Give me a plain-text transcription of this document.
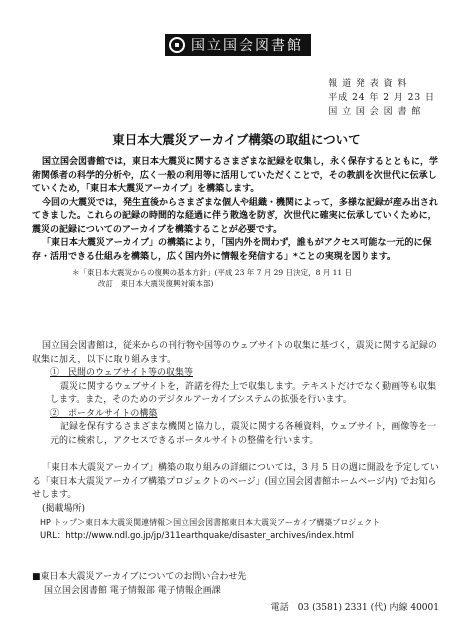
国立国会図書館
報 道 発 表 資 料
平成 24 年 2 月 23 日
国 立 国 会 図 書 館
東日本大震災アーカイブ構築の取組について

国立国会図書館では，東日本大震災に関するさまざまな記録を収集し，永く保存するとともに，学術関係者の科学的分析や，広く一般の利用等に活用していただくことで，その教訓を次世代に伝承していくため，「東日本大震災アーカイブ」を構築します。

今回の大震災では，発生直後からさまざまな個人や組織・機関によって，多様な記録が産み出されてきました。これらの記録の時間的な経過に伴う散逸を防ぎ，次世代に確実に伝承していくために，震災の記録についてのアーカイブを構築することが必要です。

「東日本大震災アーカイブ」の構築により，「国内外を問わず，誰もがアクセス可能な一元的に保存・活用できる仕組みを構築し，広く国内外に情報を発信する」*ことの実現を図ります。

＊「東日本大震災からの復興の基本方針」(平成 23 年 7 月 29 日決定，8 月 11 日
改訂　東日本大震災復興対策本部)

国立国会図書館は，従来からの刊行物や国等のウェブサイトの収集に基づく，震災に関する記録の収集に加え，以下に取り組みます。

①　民間のウェブサイト等の収集等

震災に関するウェブサイトを，許諾を得た上で収集します。テキストだけでなく動画等も収集します。また，そのためのデジタルアーカイブシステムの拡張を行います。

②　ポータルサイトの構築

記録を保有するさまざまな機関と協力し，震災に関する各種資料，ウェブサイト，画像等を一元的に検索し，アクセスできるポータルサイトの整備を行います。

「東日本大震災アーカイブ」構築の取り組みの詳細については，3 月 5 日の週に開設を予定している「東日本大震災アーカイブ構築プロジェクトのページ」(国立国会図書館ホームページ内) でお知らせします。

(掲載場所)
HP トップ＞東日本大震災関連情報＞国立国会図書館東日本大震災アーカイブ構築プロジェクト
URL：http://www.ndl.go.jp/jp/311earthquake/disaster_archives/index.html
■東日本大震災アーカイブについてのお問い合わせ先
国立国会図書館 電子情報部 電子情報企画課
電話　03 (3581) 2331 (代) 内線 40001
